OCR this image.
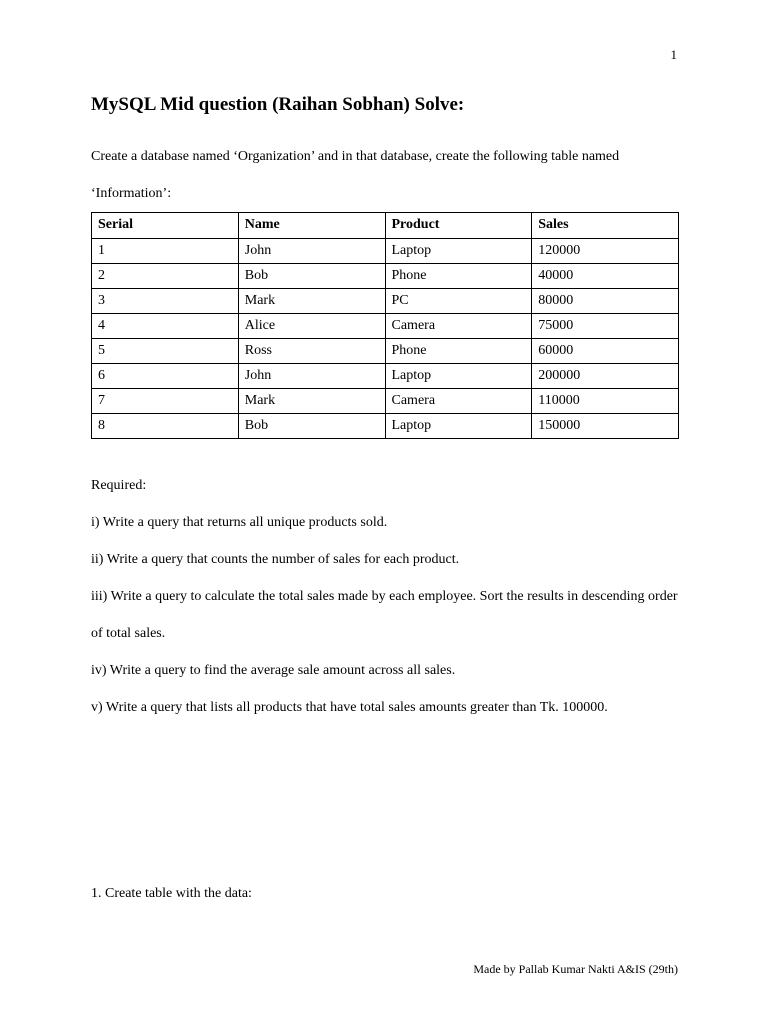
1
MySQL Mid question (Raihan Sobhan) Solve:

Create a database named ‘Organization’ and in that database, create the following table named ‘Information’:

Serial	Name	Product	Sales
1	John	Laptop	120000
2	Bob	Phone	40000
3	Mark	PC	80000
4	Alice	Camera	75000
5	Ross	Phone	60000
6	John	Laptop	200000
7	Mark	Camera	110000
8	Bob	Laptop	150000

Required:

i) Write a query that returns all unique products sold.
ii) Write a query that counts the number of sales for each product.
iii) Write a query to calculate the total sales made by each employee. Sort the results in descending order of total sales.
iv) Write a query to find the average sale amount across all sales.
v) Write a query that lists all products that have total sales amounts greater than Tk. 100000.

1. Create table with the data:

Made by Pallab Kumar Nakti A&IS (29th)
